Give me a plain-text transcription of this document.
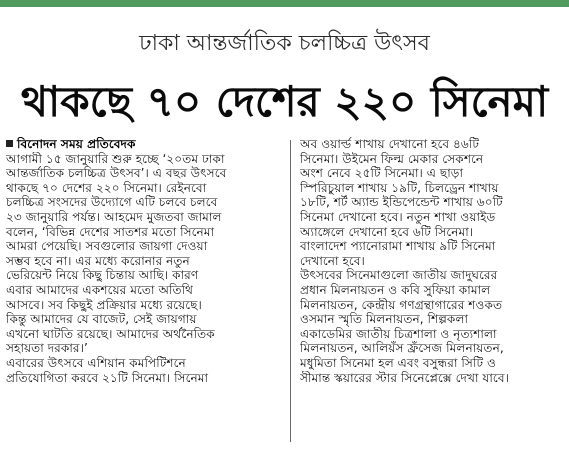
ঢাকা আন্তর্জাতিক চলচ্চিত্র উৎসব
থাকছে ৭০ দেশের ২২০ সিনেমা
বিনোদন সময় প্রতিবেদক
আগামী ১৫ জানুয়ারি শুরু হচ্ছে ‘২০তম ঢাকা
আন্তর্জাতিক চলচ্চিত্র উৎসব’। এ বছর উৎসবে
থাকছে ৭০ দেশের ২২০ সিনেমা। রেইনবো
চলচ্চিত্র সংসদের উদ্যোগে এটি চলবে চলবে
২৩ জানুয়ারি পর্যন্ত। আহমেদ মুজতবা জামাল
বলেন, ‘বিভিন্ন দেশের সাতশর মতো সিনেমা
আমরা পেয়েছি। সবগুলোর জায়গা দেওয়া
সম্ভব হবে না। এর মধ্যে করোনার নতুন
ভেরিয়েন্ট নিয়ে কিছু চিন্তায় আছি। কারণ
এবার আমাদের একশয়ের মতো অতিথি
আসবে। সব কিছুই প্রক্রিয়ার মধ্যে রয়েছে।
কিন্তু আমাদের যে বাজেট, সেই জায়গায়
এখনো ঘাটতি রয়েছে। আমাদের অর্থনৈতিক
সহায়তা দরকার।’
এবারের উৎসবে এশিয়ান কমপিটিশনে
প্রতিযোগিতা করবে ২১টি সিনেমা। সিনেমা
অব ওয়ার্ল্ড শাখায় দেখানো হবে ৪৬টি
সিনেমা। উইমেন ফিল্ম মেকার সেকশনে
অংশ নেবে ২৫টি সিনেমা। এ ছাড়া
স্পিরিচুয়াল শাখায় ১৯টি, চিলড্রেন শাখায়
১৮টি, শর্ট অ্যান্ড ইন্ডিপেন্ডেন্ট শাখায় ৬০টি
সিনেমা দেখানো হবে। নতুন শাখা ওয়াইড
অ্যাঙ্গেলে দেখানো হবে ৬টি সিনেমা।
বাংলাদেশ প্যানোরামা শাখায় ৯টি সিনেমা
দেখানো হবে।
উৎসবের সিনেমাগুলো জাতীয় জাদুঘরের
প্রধান মিলনায়তন ও কবি সুফিয়া কামাল
মিলনায়তন, কেন্দ্রীয় গণগ্রন্থাগারের শওকত
ওসমান স্মৃতি মিলনায়তন, শিল্পকলা
একাডেমির জাতীয় চিত্রশালা ও নৃত্যশালা
মিলনায়তন, আলিয়ঁস ফ্রঁসেজ মিলনায়তন,
মধুমিতা সিনেমা হল এবং বসুন্ধরা সিটি ও
সীমান্ত স্কয়ারের স্টার সিনেপ্লেক্সে দেখা যাবে।
